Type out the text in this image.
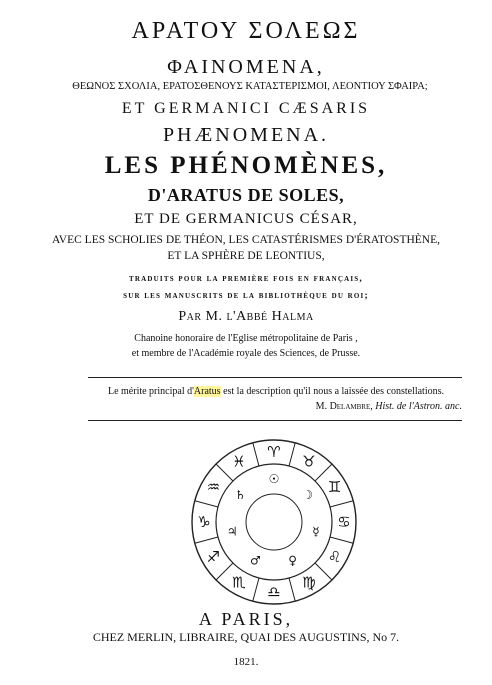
ΑΡΑΤΟΥ ΣΟΛΕΩΣ
ΦΑΙΝΟΜΕΝΑ,
ΘΕΩΝΟΣ ΣΧΟΛΙΑ, ΕΡΑΤΟΣΘΕΝΟΥΣ ΚΑΤΑΣΤΕΡΙΣΜΟΙ, ΛΕΟΝΤΙΟΥ ΣΦΑΙΡΑ;
ET GERMANICI CÆSARIS
PHÆNOMENA.
LES PHÉNOMÈNES,
D'ARATUS DE SOLES,
ET DE GERMANICUS CÉSAR,
AVEC LES SCHOLIES DE THÉON, LES CATASTÉRISMES D'ÉRATOSTHÈNE,
ET LA SPHÈRE DE LEONTIUS,
traduits pour la première fois en français,
sur les manuscrits de la bibliothèque du roi;
Par M. l'Abbé Halma
Chanoine honoraire de l'Eglise métropolitaine de Paris ,
et membre de l'Académie royale des Sciences, de Prusse.
Le mérite principal d'Aratus est la description qu'il nous a laissée des constellations.
M. Delambre, Hist. de l'Astron. anc.
♈
♉
♊
♋
♌
♍
♎
♏
♐
♑
♒
♓
☉
☽
☿
♀
♂
♃
♄
A PARIS,
CHEZ MERLIN, LIBRAIRE, QUAI DES AUGUSTINS, No 7.
1821.
